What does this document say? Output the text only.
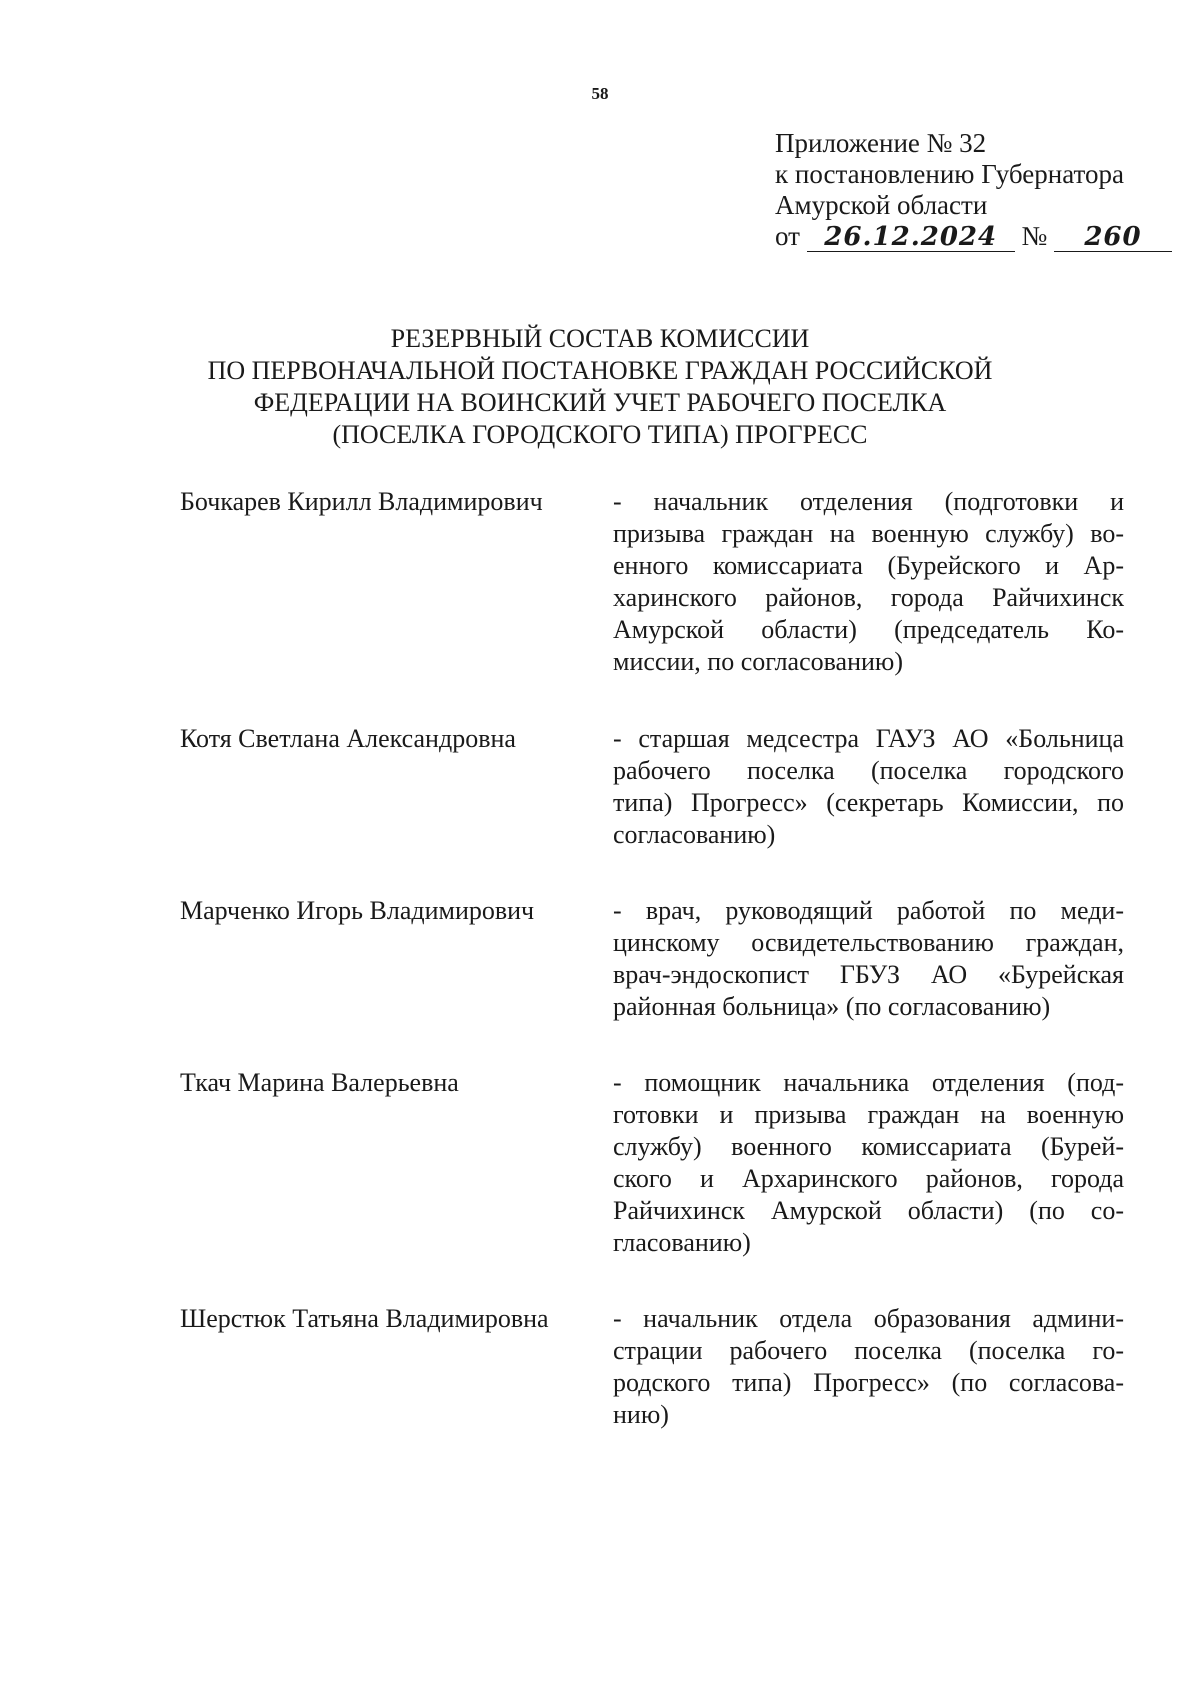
58
Приложение № 32
к постановлению Губернатора
Амурской области
от 26.12.2024 № 260
РЕЗЕРВНЫЙ СОСТАВ КОМИССИИ
ПО ПЕРВОНАЧАЛЬНОЙ ПОСТАНОВКЕ ГРАЖДАН РОССИЙСКОЙ
ФЕДЕРАЦИИ НА ВОИНСКИЙ УЧЕТ РАБОЧЕГО ПОСЕЛКА
(ПОСЕЛКА ГОРОДСКОГО ТИПА) ПРОГРЕСС
Бочкарев Кирилл Владимирович	- начальник отделения (подготовки и
призыва граждан на военную службу) во-
енного комиссариата (Бурейского и Ар-
харинского районов, города Райчихинск
Амурской области) (председатель Ко-
миссии, по согласованию)
Котя Светлана Александровна	- старшая медсестра ГАУЗ АО «Больница
рабочего поселка (поселка городского
типа) Прогресс» (секретарь Комиссии, по
согласованию)
Марченко Игорь Владимирович	- врач, руководящий работой по меди-
цинскому освидетельствованию граждан,
врач-эндоскопист ГБУЗ АО «Бурейская
районная больница» (по согласованию)
Ткач Марина Валерьевна	- помощник начальника отделения (под-
готовки и призыва граждан на военную
службу) военного комиссариата (Бурей-
ского и Архаринского районов, города
Райчихинск Амурской области) (по со-
гласованию)
Шерстюк Татьяна Владимировна	- начальник отдела образования админи-
страции рабочего поселка (поселка го-
родского типа) Прогресс» (по согласова-
нию)
